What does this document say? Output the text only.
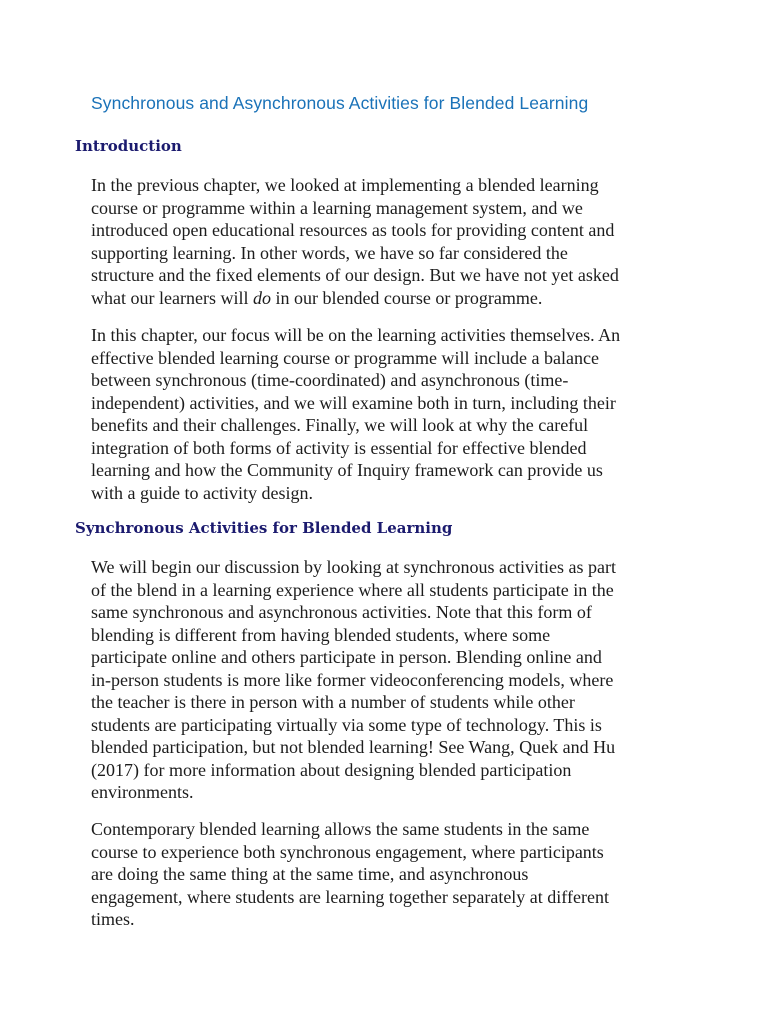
Synchronous and Asynchronous Activities for Blended Learning
Introduction

In the previous chapter, we looked at implementing a blended learning
course or programme within a learning management system, and we
introduced open educational resources as tools for providing content and
supporting learning. In other words, we have so far considered the
structure and the fixed elements of our design. But we have not yet asked
what our learners will do in our blended course or programme.

In this chapter, our focus will be on the learning activities themselves. An
effective blended learning course or programme will include a balance
between synchronous (time-coordinated) and asynchronous (time-
independent) activities, and we will examine both in turn, including their
benefits and their challenges. Finally, we will look at why the careful
integration of both forms of activity is essential for effective blended
learning and how the Community of Inquiry framework can provide us
with a guide to activity design.

Synchronous Activities for Blended Learning

We will begin our discussion by looking at synchronous activities as part
of the blend in a learning experience where all students participate in the
same synchronous and asynchronous activities. Note that this form of
blending is different from having blended students, where some
participate online and others participate in person. Blending online and
in-person students is more like former videoconferencing models, where
the teacher is there in person with a number of students while other
students are participating virtually via some type of technology. This is
blended participation, but not blended learning! See Wang, Quek and Hu
(2017) for more information about designing blended participation
environments.

Contemporary blended learning allows the same students in the same
course to experience both synchronous engagement, where participants
are doing the same thing at the same time, and asynchronous
engagement, where students are learning together separately at different
times.
